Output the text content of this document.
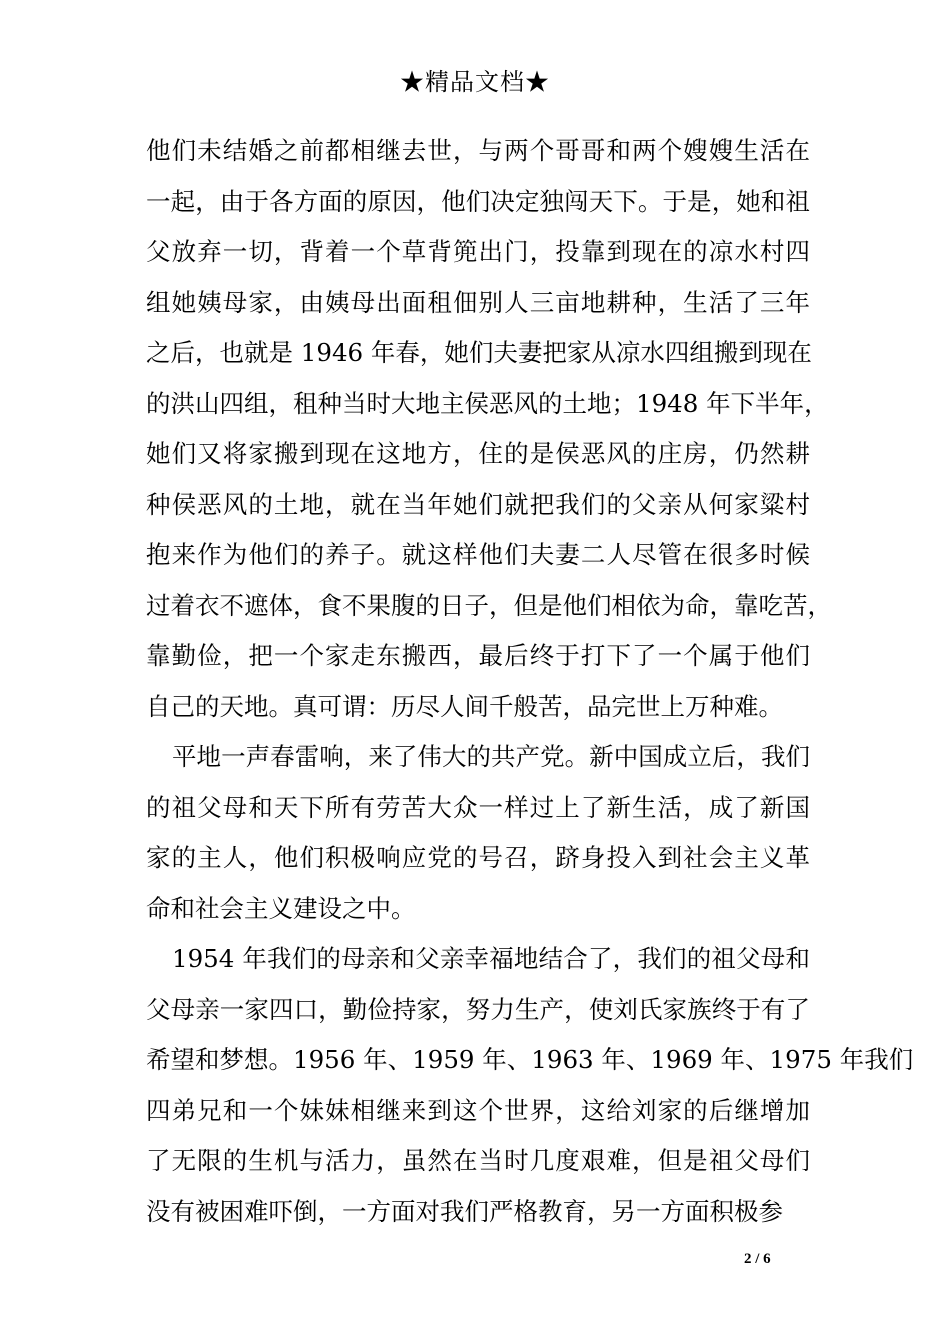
★精品文档★
他们未结婚之前都相继去世，与两个哥哥和两个嫂嫂生活在
一起，由于各方面的原因，他们决定独闯天下。于是，她和祖
父放弃一切，背着一个草背篼出门，投靠到现在的凉水村四
组她姨母家，由姨母出面租佃别人三亩地耕种，生活了三年
之后，也就是 1946 年春，她们夫妻把家从凉水四组搬到现在
的洪山四组，租种当时大地主侯恶风的土地；1948 年下半年，
她们又将家搬到现在这地方，住的是侯恶风的庄房，仍然耕
种侯恶风的土地，就在当年她们就把我们的父亲从何家粱村
抱来作为他们的养子。就这样他们夫妻二人尽管在很多时候
过着衣不遮体，食不果腹的日子，但是他们相依为命，靠吃苦，
靠勤俭，把一个家走东搬西，最后终于打下了一个属于他们
自己的天地。真可谓：历尽人间千般苦，品完世上万种难。
平地一声春雷响，来了伟大的共产党。新中国成立后，我们
的祖父母和天下所有劳苦大众一样过上了新生活，成了新国
家的主人，他们积极响应党的号召，跻身投入到社会主义革
命和社会主义建设之中。
1954 年我们的母亲和父亲幸福地结合了，我们的祖父母和
父母亲一家四口，勤俭持家，努力生产，使刘氏家族终于有了
希望和梦想。1956 年、1959 年、1963 年、1969 年、1975 年我们
四弟兄和一个妹妹相继来到这个世界，这给刘家的后继增加
了无限的生机与活力，虽然在当时几度艰难，但是祖父母们
没有被困难吓倒，一方面对我们严格教育，另一方面积极参
2 / 6
